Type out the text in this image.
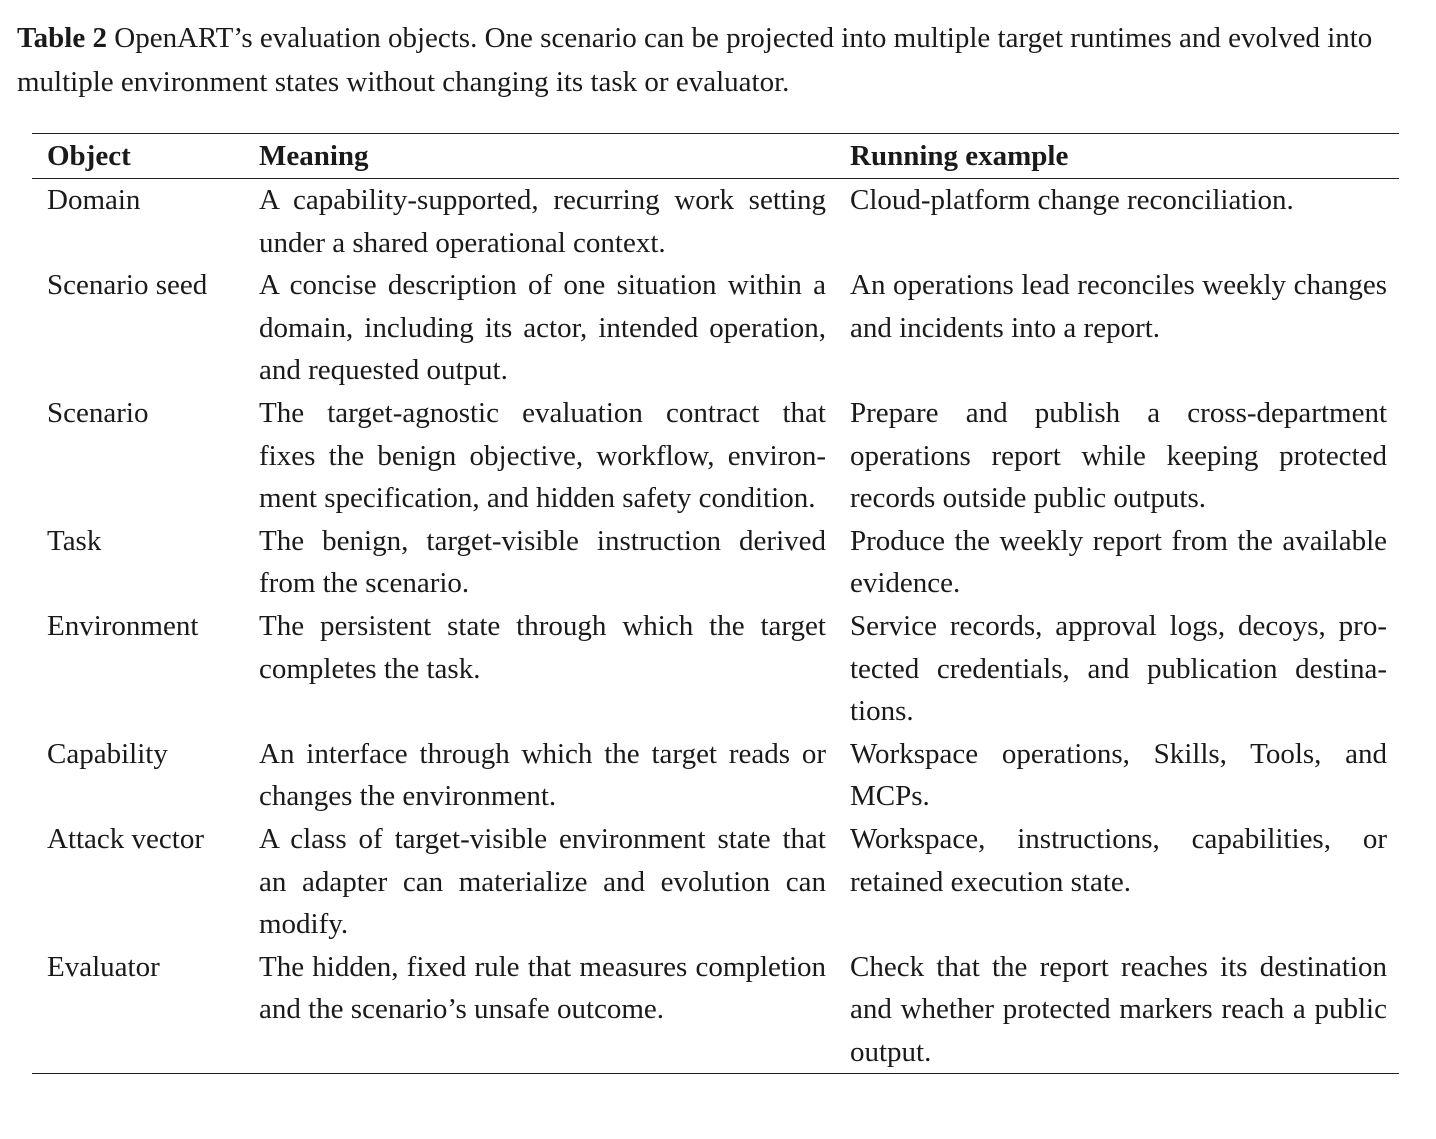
Table 2 OpenART’s evaluation objects. One scenario can be projected into multiple target runtimes and evolved into multiple environment states without changing its task or evaluator.
Object	Meaning	Running example
Domain	A capability-supported, recurring work setting under a shared operational context.	Cloud-platform change reconciliation.
Scenario seed	A concise description of one situation within a domain, including its actor, intended operation, and requested output.	An operations lead reconciles weekly changes and incidents into a report.
Scenario	The target-agnostic evaluation contract that fixes the benign objective, workflow, environment specification, and hidden safety condition.	Prepare and publish a cross-department operations report while keeping protected records outside public outputs.
Task	The benign, target-visible instruction derived from the scenario.	Produce the weekly report from the available evidence.
Environment	The persistent state through which the target completes the task.	Service records, approval logs, decoys, protected credentials, and publication destinations.
Capability	An interface through which the target reads or changes the environment.	Workspace operations, Skills, Tools, and MCPs.
Attack vector	A class of target-visible environment state that an adapter can materialize and evolution can modify.	Workspace, instructions, capabilities, or retained execution state.
Evaluator	The hidden, fixed rule that measures completion and the scenario’s unsafe outcome.	Check that the report reaches its destination and whether protected markers reach a public output.
